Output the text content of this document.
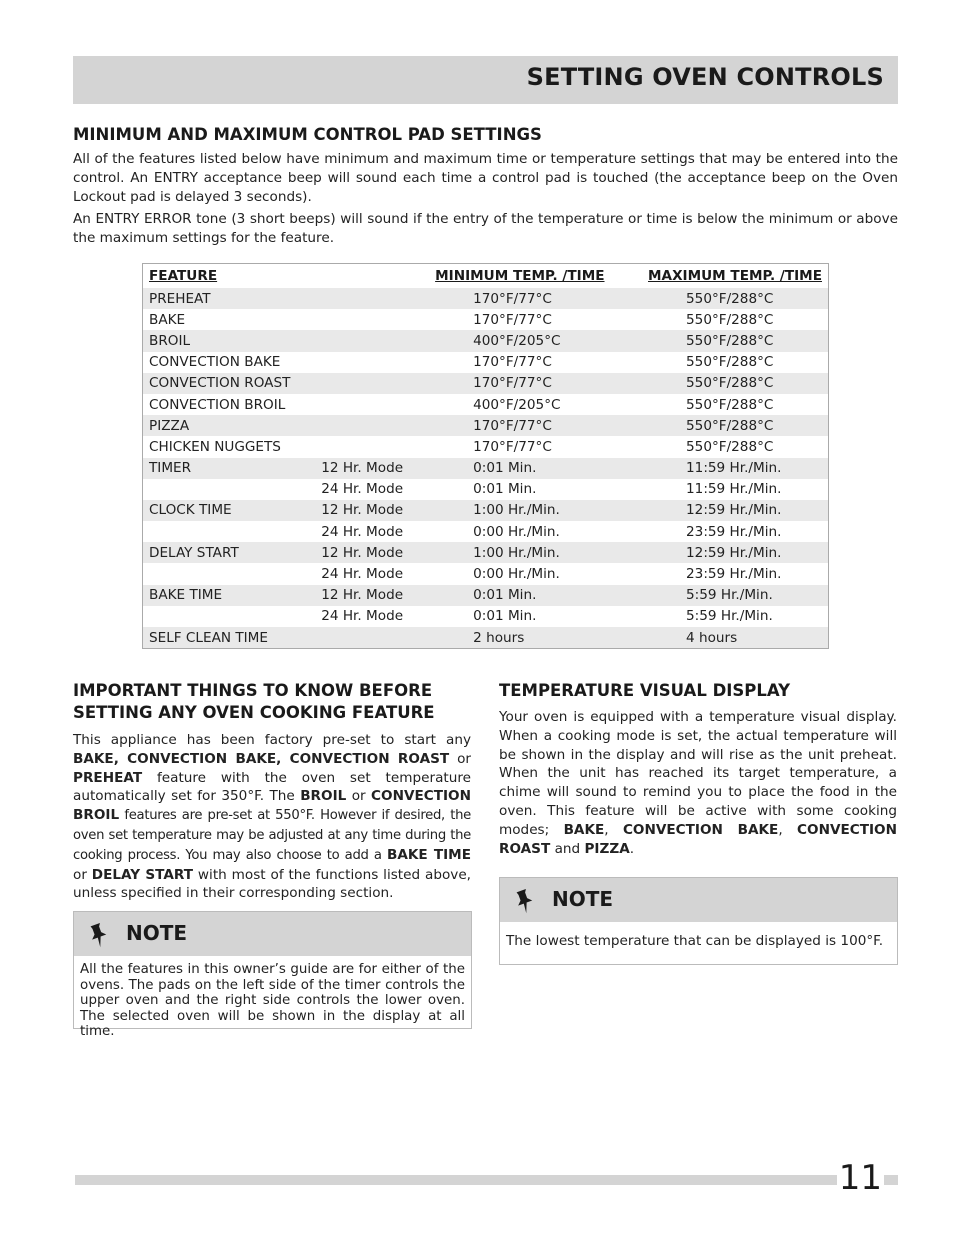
SETTING OVEN CONTROLS
MINIMUM AND MAXIMUM CONTROL PAD SETTINGS
All of the features listed below have minimum and maximum time or temperature settings that may be entered into the control. An ENTRY acceptance beep will sound each time a control pad is touched (the acceptance beep on the Oven Lockout pad is delayed 3 seconds).
An ENTRY ERROR tone (3 short beeps) will sound if the entry of the temperature or time is below the minimum or above the maximum settings for the feature.
FEATURE		MINIMUM TEMP. /TIME	MAXIMUM TEMP. /TIME
PREHEAT		170°F/77°C	550°F/288°C
BAKE		170°F/77°C	550°F/288°C
BROIL		400°F/205°C	550°F/288°C
CONVECTION BAKE		170°F/77°C	550°F/288°C
CONVECTION ROAST		170°F/77°C	550°F/288°C
CONVECTION BROIL		400°F/205°C	550°F/288°C
PIZZA		170°F/77°C	550°F/288°C
CHICKEN NUGGETS		170°F/77°C	550°F/288°C
TIMER	12 Hr. Mode	0:01 Min.	11:59 Hr./Min.
	24 Hr. Mode	0:01 Min.	11:59 Hr./Min.
CLOCK TIME	12 Hr. Mode	1:00 Hr./Min.	12:59 Hr./Min.
	24 Hr. Mode	0:00 Hr./Min.	23:59 Hr./Min.
DELAY START	12 Hr. Mode	1:00 Hr./Min.	12:59 Hr./Min.
	24 Hr. Mode	0:00 Hr./Min.	23:59 Hr./Min.
BAKE TIME	12 Hr. Mode	0:01 Min.	5:59 Hr./Min.
	24 Hr. Mode	0:01 Min.	5:59 Hr./Min.
SELF CLEAN TIME		2 hours	4 hours
IMPORTANT THINGS TO KNOW BEFORE
SETTING ANY OVEN COOKING FEATURE
This appliance has been factory pre-set to start any BAKE, CONVECTION BAKE, CONVECTION ROAST or PREHEAT feature with the oven set temperature automatically set for 350°F. The BROIL or CONVECTION BROIL features are pre-set at 550°F. However if desired, the oven set temperature may be adjusted at any time during the cooking process. You may also choose to add a BAKE TIME or DELAY START with most of the functions listed above, unless specified in their corresponding section.
NOTE
All the features in this owner’s guide are for either of the ovens. The pads on the left side of the timer controls the upper oven and the right side controls the lower oven. The selected oven will be shown in the display at all time.
TEMPERATURE VISUAL DISPLAY
Your oven is equipped with a temperature visual display. When a cooking mode is set, the actual temperature will be shown in the display and will rise as the unit preheat. When the unit has reached its target temperature, a chime will sound to remind you to place the food in the oven. This feature will be active with some cooking modes; BAKE, CONVECTION BAKE, CONVECTION ROAST and PIZZA.
NOTE
The lowest temperature that can be displayed is 100°F.
11
